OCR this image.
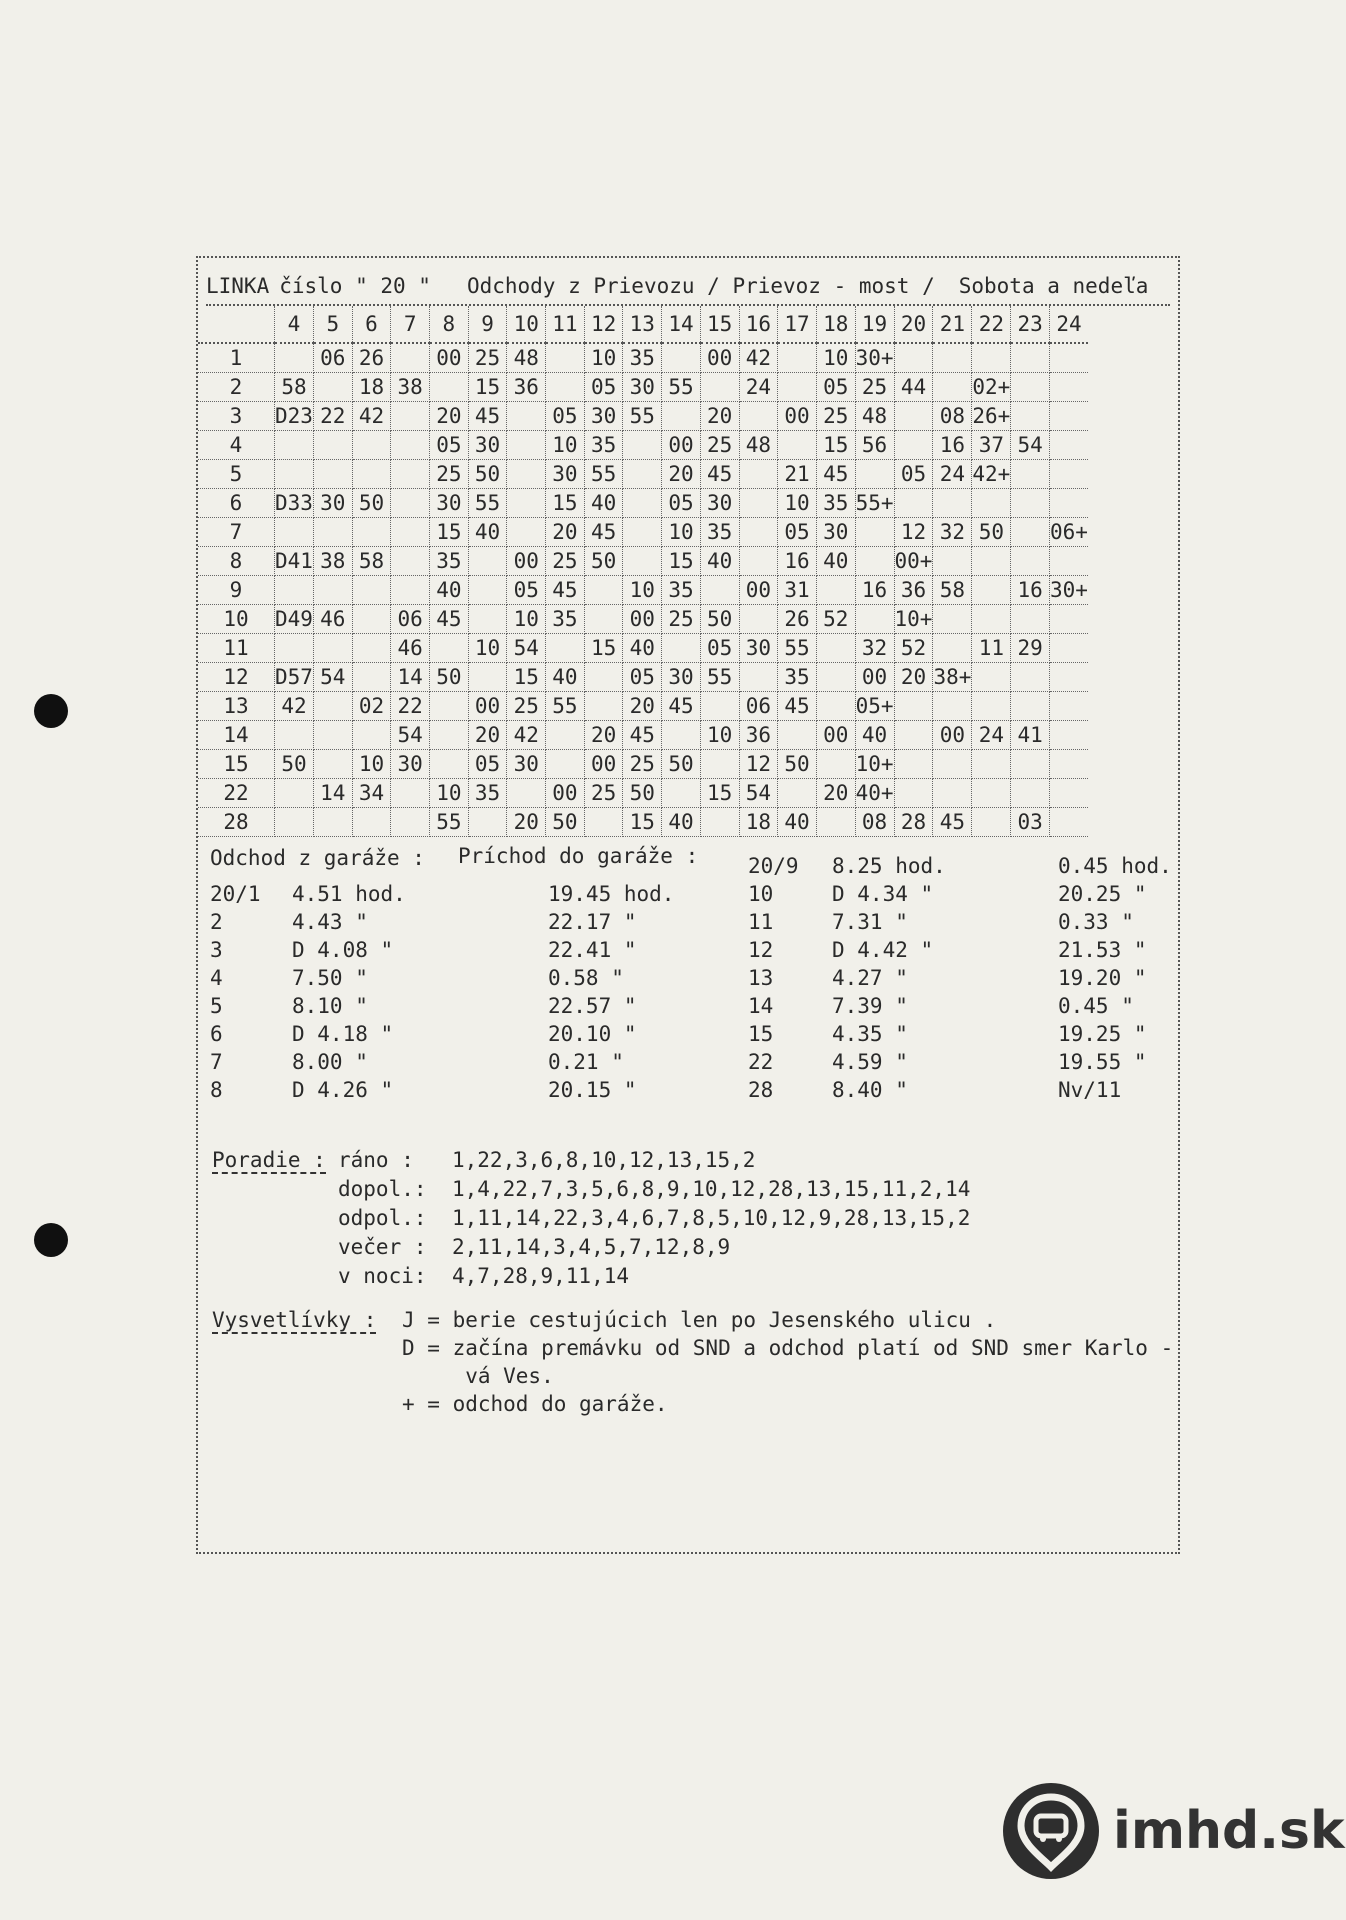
LINKA číslo " 20 " Odchody z Prievozu / Prievoz - most / Sobota a nedeľa
	4	5	6	7	8	9	10	11	12	13	14	15	16	17	18	19	20	21	22	23	24
1		06	26		00	25	48		10	35		00	42		10	30+					
2	58		18	38		15	36		05	30	55		24		05	25	44		02+		
3	D23	22	42		20	45		05	30	55		20		00	25	48		08	26+		
4					05	30		10	35		00	25	48		15	56		16	37	54	
5					25	50		30	55		20	45		21	45		05	24	42+		
6	D33	30	50		30	55		15	40		05	30		10	35	55+					
7					15	40		20	45		10	35		05	30		12	32	50		06+
8	D41	38	58		35		00	25	50		15	40		16	40		00+				
9					40		05	45		10	35		00	31		16	36	58		16	30+
10	D49	46		06	45		10	35		00	25	50		26	52		10+				
11				46		10	54		15	40		05	30	55		32	52		11	29	
12	D57	54		14	50		15	40		05	30	55		35		00	20	38+			
13	42		02	22		00	25	55		20	45		06	45		05+					
14				54		20	42		20	45		10	36		00	40		00	24	41	
15	50		10	30		05	30		00	25	50		12	50		10+					
22		14	34		10	35		00	25	50		15	54		20	40+					
28					55		20	50		15	40		18	40		08	28	45		03	
Odchod z garáže : Príchod do garáže :
20/1 4.51 hod.	19.45 hod.
2	4.43 "	22.17 "
3	D 4.08 "	22.41 "
4	7.50 "	0.58 "
5	8.10 "	22.57 "
6	D 4.18 "	20.10 "
7	8.00 "	0.21 "
8	D 4.26 "	20.15 "
20/9 8.25 hod.	0.45 hod.
10	D 4.34 "	20.25 "
11	7.31 "	0.33 "
12	D 4.42 "	21.53 "
13	4.27 "	19.20 "
14	7.39 "	0.45 "
15	4.35 "	19.25 "
22	4.59 "	19.55 "
28	8.40 "	Nv/11
Poradie : ráno : 1,22,3,6,8,10,12,13,15,2
dopol.: 1,4,22,7,3,5,6,8,9,10,12,28,13,15,11,2,14
odpol.: 1,11,14,22,3,4,6,7,8,5,10,12,9,28,13,15,2
večer : 2,11,14,3,4,5,7,12,8,9
v noci: 4,7,28,9,11,14
Vysvetlívky : J = berie cestujúcich len po Jesenského ulicu .
D = začína premávku od SND a odchod platí od SND smer Karlo -
vá Ves.
+ = odchod do garáže.
imhd.sk
